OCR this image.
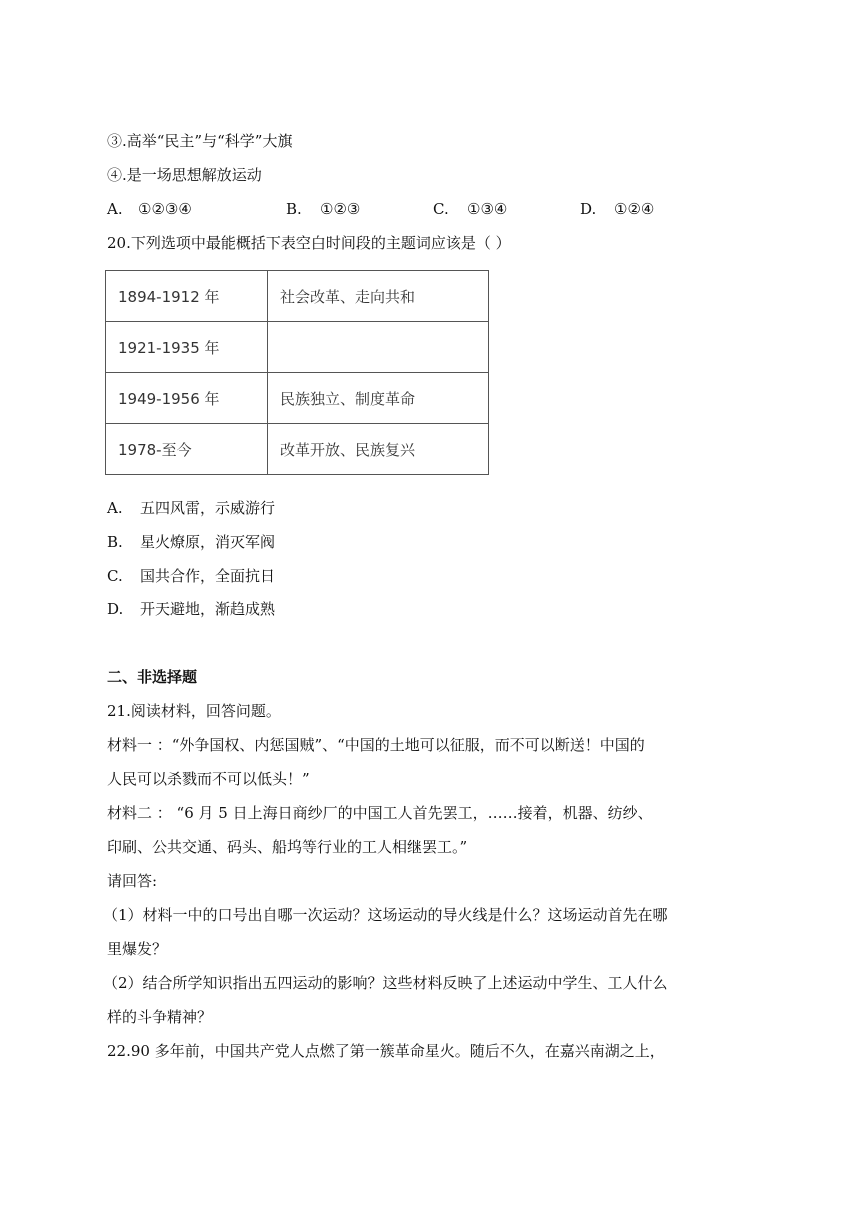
③.高举“民主”与“科学”大旗
④.是一场思想解放运动
A. ①②③④	B. ①②③	C. ①③④	D. ①②④
20.下列选项中最能概括下表空白时间段的主题词应该是（ ）
1894-1912 年	社会改革、走向共和
1921-1935 年	
1949-1956 年	民族独立、制度革命
1978-至今	改革开放、民族复兴
A. 五四风雷，示威游行
B. 星火燎原，消灭军阀
C. 国共合作，全面抗日
D. 开天避地，渐趋成熟
二、非选择题
21.阅读材料，回答问题。
材料一 ：“外争国权、内惩国贼”、“中国的土地可以征服，而不可以断送！中国的
人民可以杀戮而不可以低头！”
材料二 ： “6 月 5 日上海日商纱厂的中国工人首先罢工，……接着，机器、纺纱、
印刷、公共交通、码头、船坞等行业的工人相继罢工。”
请回答:
（1）材料一中的口号出自哪一次运动？这场运动的导火线是什么？这场运动首先在哪
里爆发？
（2）结合所学知识指出五四运动的影响？这些材料反映了上述运动中学生、工人什么
样的斗争精神？
22.90 多年前，中国共产党人点燃了第一簇革命星火。随后不久，在嘉兴南湖之上，
